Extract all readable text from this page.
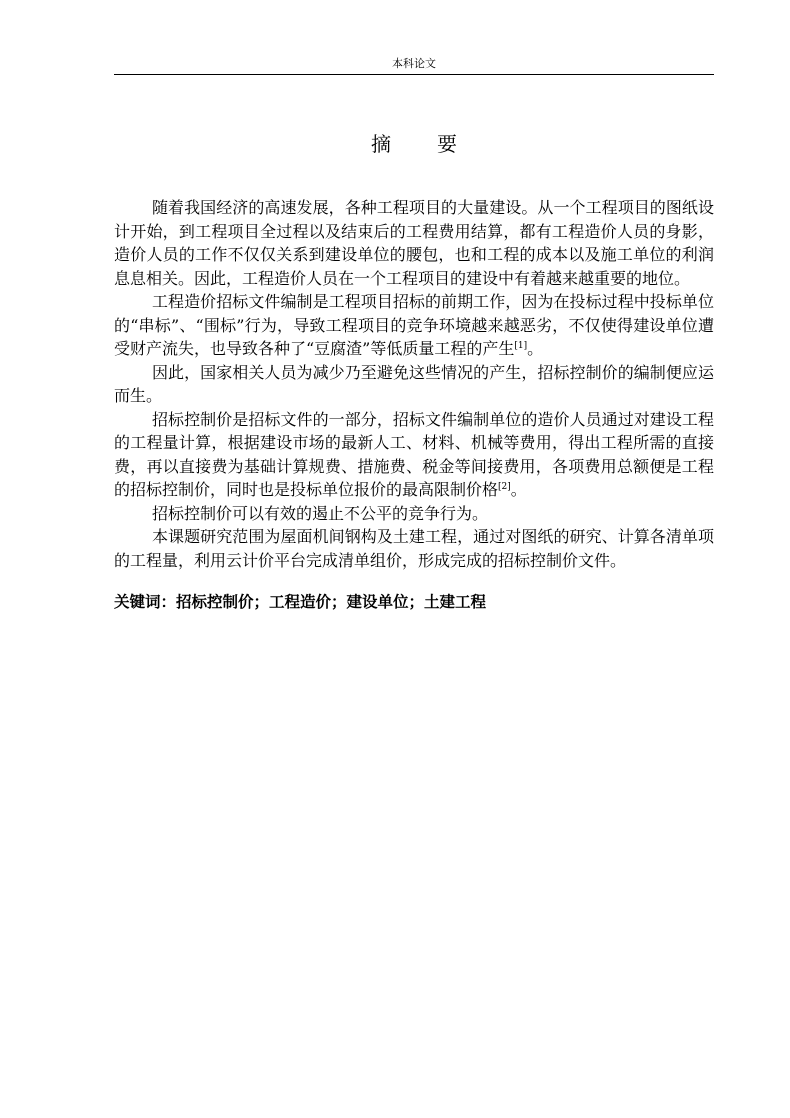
本科论文
摘 要

随着我国经济的高速发展，各种工程项目的大量建设。从一个工程项目的图纸设计开始，到工程项目全过程以及结束后的工程费用结算，都有工程造价人员的身影，造价人员的工作不仅仅关系到建设单位的腰包，也和工程的成本以及施工单位的利润息息相关。因此，工程造价人员在一个工程项目的建设中有着越来越重要的地位。

工程造价招标文件编制是工程项目招标的前期工作，因为在投标过程中投标单位的“串标”、“围标”行为，导致工程项目的竞争环境越来越恶劣，不仅使得建设单位遭受财产流失，也导致各种了“豆腐渣”等低质量工程的产生[1]。

因此，国家相关人员为减少乃至避免这些情况的产生，招标控制价的编制便应运而生。

招标控制价是招标文件的一部分，招标文件编制单位的造价人员通过对建设工程的工程量计算，根据建设市场的最新人工、材料、机械等费用，得出工程所需的直接费，再以直接费为基础计算规费、措施费、税金等间接费用，各项费用总额便是工程的招标控制价，同时也是投标单位报价的最高限制价格[2]。

招标控制价可以有效的遏止不公平的竞争行为。

本课题研究范围为屋面机间钢构及土建工程，通过对图纸的研究、计算各清单项的工程量，利用云计价平台完成清单组价，形成完成的招标控制价文件。

关键词：招标控制价；工程造价；建设单位；土建工程
